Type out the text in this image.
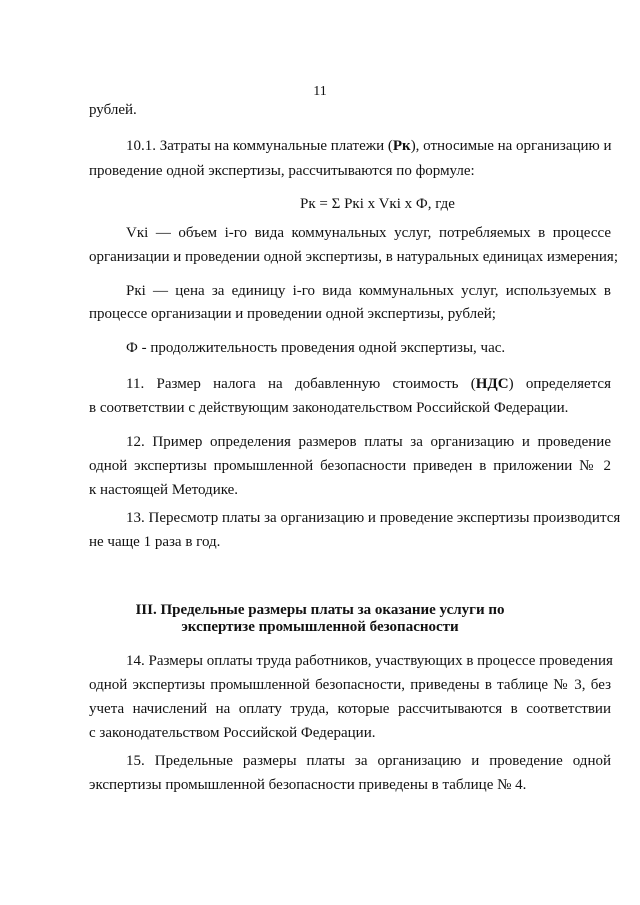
11
рублей.
10.1. Затраты на коммунальные платежи (Рк), относимые на организацию и
проведение одной экспертизы, рассчитываются по формуле:
Рк = Σ Ркi x Vкi x Ф, где
Vкi — объем i-го вида коммунальных услуг, потребляемых в процессе
организации и проведении одной экспертизы, в натуральных единицах измерения;
Ркi — цена за единицу i-го вида коммунальных услуг, используемых в
процессе организации и проведении одной экспертизы, рублей;
Ф - продолжительность проведения одной экспертизы, час.
11. Размер налога на добавленную стоимость (НДС) определяется
в соответствии с действующим законодательством Российской Федерации.
12. Пример определения размеров платы за организацию и проведение
одной экспертизы промышленной безопасности приведен в приложении № 2
к настоящей Методике.
13. Пересмотр платы за организацию и проведение экспертизы производится
не чаще 1 раза в год.
III. Предельные размеры платы за оказание услуги по
экспертизе промышленной безопасности
14. Размеры оплаты труда работников, участвующих в процессе проведения
одной экспертизы промышленной безопасности, приведены в таблице № 3, без
учета начислений на оплату труда, которые рассчитываются в соответствии
с законодательством Российской Федерации.
15. Предельные размеры платы за организацию и проведение одной
экспертизы промышленной безопасности приведены в таблице № 4.
